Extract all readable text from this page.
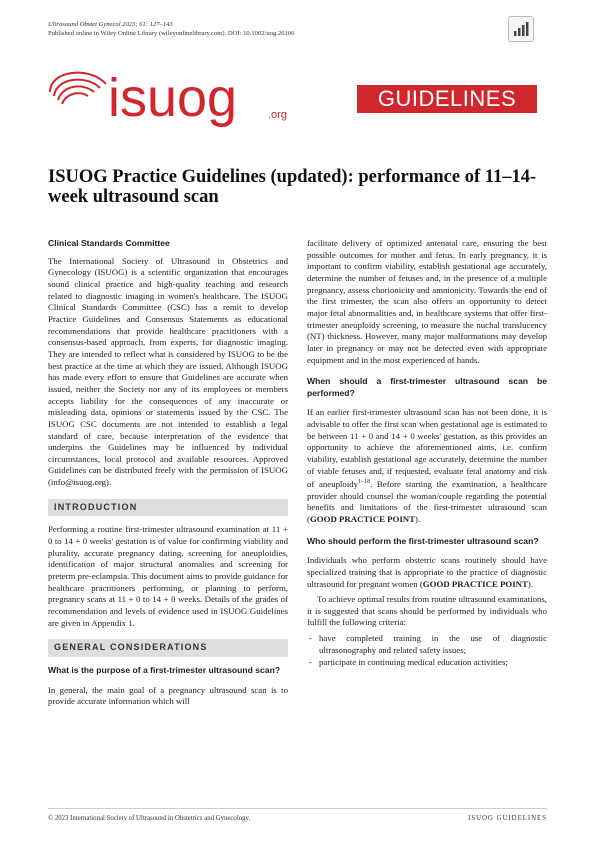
Ultrasound Obstet Gynecol 2023; 61: 127–143
Published online in Wiley Online Library (wileyonlinelibrary.com). DOI: 10.1002/uog.26106
isuog	.org
GUIDELINES
ISUOG Practice Guidelines (updated): performance of 11–14-week ultrasound scan
Clinical Standards Committee

The International Society of Ultrasound in Obstetrics and Gynecology (ISUOG) is a scientific organization that encourages sound clinical practice and high-quality teaching and research related to diagnostic imaging in women's healthcare. The ISUOG Clinical Standards Committee (CSC) has a remit to develop Practice Guidelines and Consensus Statements as educational recommendations that provide healthcare practitioners with a consensus-based approach, from experts, for diagnostic imaging. They are intended to reflect what is considered by ISUOG to be the best practice at the time at which they are issued. Although ISUOG has made every effort to ensure that Guidelines are accurate when issued, neither the Society nor any of its employees or members accepts liability for the consequences of any inaccurate or misleading data, opinions or statements issued by the CSC. The ISUOG CSC documents are not intended to establish a legal standard of care, because interpretation of the evidence that underpins the Guidelines may be influenced by individual circumstances, local protocol and available resources. Approved Guidelines can be distributed freely with the permission of ISUOG (info@isuog.org).

INTRODUCTION

Performing a routine first-trimester ultrasound examination at 11 + 0 to 14 + 0 weeks' gestation is of value for confirming viability and plurality, accurate pregnancy dating, screening for aneuploidies, identification of major structural anomalies and screening for preterm pre-eclampsia. This document aims to provide guidance for healthcare practitioners performing, or planning to perform, pregnancy scans at 11 + 0 to 14 + 0 weeks. Details of the grades of recommendation and levels of evidence used in ISUOG Guidelines are given in Appendix 1.

GENERAL CONSIDERATIONS
What is the purpose of a first-trimester ultrasound scan?

In general, the main goal of a pregnancy ultrasound scan is to provide accurate information which will

facilitate delivery of optimized antenatal care, ensuring the best possible outcomes for mother and fetus. In early pregnancy, it is important to confirm viability, establish gestational age accurately, determine the number of fetuses and, in the presence of a multiple pregnancy, assess chorionicity and amnionicity. Towards the end of the first trimester, the scan also offers an opportunity to detect major fetal abnormalities and, in healthcare systems that offer first-trimester aneuploidy screening, to measure the nuchal translucency (NT) thickness. However, many major malformations may develop later in pregnancy or may not be detected even with appropriate equipment and in the most experienced of hands.

When should a first-trimester ultrasound scan be performed?

If an earlier first-trimester ultrasound scan has not been done, it is advisable to offer the first scan when gestational age is estimated to be between 11 + 0 and 14 + 0 weeks' gestation, as this provides an opportunity to achieve the aforementioned aims, i.e. confirm viability, establish gestational age accurately, determine the number of viable fetuses and, if requested, evaluate fetal anatomy and risk of aneuploidy$^{1-18}$. Before starting the examination, a healthcare provider should counsel the woman/couple regarding the potential benefits and limitations of the first-trimester ultrasound scan (GOOD PRACTICE POINT).

Who should perform the first-trimester ultrasound scan?

Individuals who perform obstetric scans routinely should have specialized training that is appropriate to the practice of diagnostic ultrasound for pregnant women (GOOD PRACTICE POINT).

To achieve optimal results from routine ultrasound examinations, it is suggested that scans should be performed by individuals who fulfill the following criteria:

- have completed training in the use of diagnostic ultrasonography and related safety issues;
- participate in continuing medical education activities;
© 2023 International Society of Ultrasound in Obstetrics and Gynecology.	ISUOG GUIDELINES
